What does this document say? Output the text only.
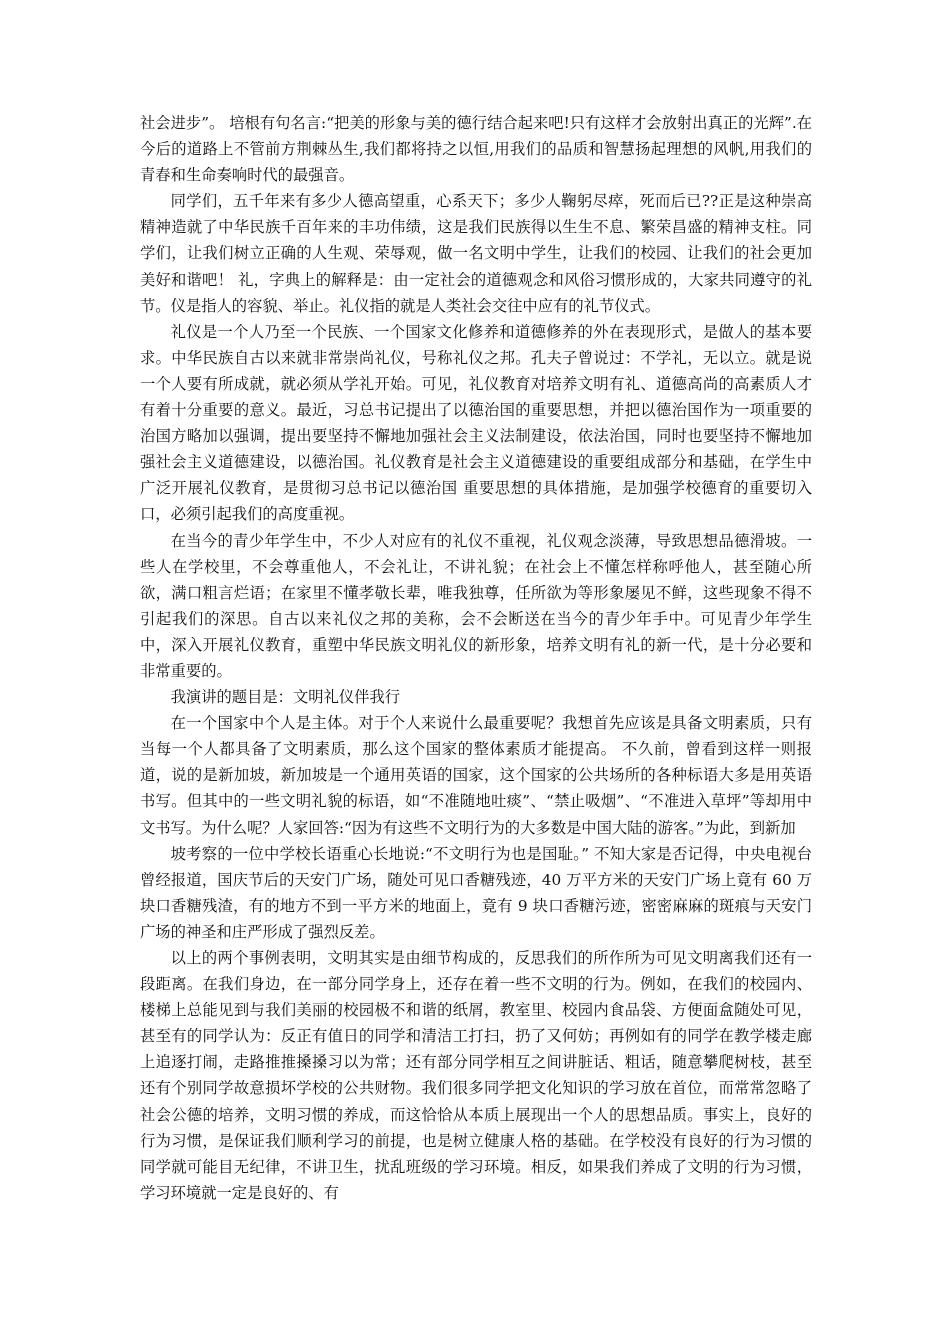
社会进步”。 培根有句名言:“把美的形象与美的德行结合起来吧!只有这样才会放射出真正的光辉”.在今后的道路上不管前方荆棘丛生,我们都将持之以恒,用我们的品质和智慧扬起理想的风帆,用我们的青春和生命奏响时代的最强音。

同学们，五千年来有多少人德高望重，心系天下；多少人鞠躬尽瘁，死而后已??正是这种崇高精神造就了中华民族千百年来的丰功伟绩，这是我们民族得以生生不息、繁荣昌盛的精神支柱。同学们，让我们树立正确的人生观、荣辱观，做一名文明中学生，让我们的校园、让我们的社会更加美好和谐吧！ 礼，字典上的解释是：由一定社会的道德观念和风俗习惯形成的，大家共同遵守的礼节。仪是指人的容貌、举止。礼仪指的就是人类社会交往中应有的礼节仪式。

礼仪是一个人乃至一个民族、一个国家文化修养和道德修养的外在表现形式，是做人的基本要求。中华民族自古以来就非常崇尚礼仪，号称礼仪之邦。孔夫子曾说过：不学礼，无以立。就是说一个人要有所成就，就必须从学礼开始。可见，礼仪教育对培养文明有礼、道德高尚的高素质人才有着十分重要的意义。最近，习总书记提出了以德治国的重要思想，并把以德治国作为一项重要的治国方略加以强调，提出要坚持不懈地加强社会主义法制建设，依法治国，同时也要坚持不懈地加强社会主义道德建设，以德治国。礼仪教育是社会主义道德建设的重要组成部分和基础，在学生中广泛开展礼仪教育，是贯彻习总书记以德治国 重要思想的具体措施，是加强学校德育的重要切入口，必须引起我们的高度重视。

在当今的青少年学生中，不少人对应有的礼仪不重视，礼仪观念淡薄，导致思想品德滑坡。一些人在学校里，不会尊重他人，不会礼让，不讲礼貌；在社会上不懂怎样称呼他人，甚至随心所欲，满口粗言烂语；在家里不懂孝敬长辈，唯我独尊，任所欲为等形象屡见不鲜，这些现象不得不引起我们的深思。自古以来礼仪之邦的美称，会不会断送在当今的青少年手中。可见青少年学生中，深入开展礼仪教育，重塑中华民族文明礼仪的新形象，培养文明有礼的新一代，是十分必要和非常重要的。

我演讲的题目是：文明礼仪伴我行

在一个国家中个人是主体。对于个人来说什么最重要呢？我想首先应该是具备文明素质，只有当每一个人都具备了文明素质，那么这个国家的整体素质才能提高。 不久前，曾看到这样一则报道，说的是新加坡，新加坡是一个通用英语的国家，这个国家的公共场所的各种标语大多是用英语书写。但其中的一些文明礼貌的标语，如“不准随地吐痰”、“禁止吸烟”、“不准进入草坪”等却用中文书写。为什么呢？人家回答:“因为有这些不文明行为的大多数是中国大陆的游客。”为此，到新加

坡考察的一位中学校长语重心长地说:“不文明行为也是国耻。” 不知大家是否记得，中央电视台曾经报道，国庆节后的天安门广场，随处可见口香糖残迹，40 万平方米的天安门广场上竟有 60 万块口香糖残渣，有的地方不到一平方米的地面上，竟有 9 块口香糖污迹，密密麻麻的斑痕与天安门广场的神圣和庄严形成了强烈反差。

以上的两个事例表明，文明其实是由细节构成的，反思我们的所作所为可见文明离我们还有一段距离。在我们身边，在一部分同学身上，还存在着一些不文明的行为。例如，在我们的校园内、楼梯上总能见到与我们美丽的校园极不和谐的纸屑，教室里、校园内食品袋、方便面盒随处可见，甚至有的同学认为：反正有值日的同学和清洁工打扫，扔了又何妨；再例如有的同学在教学楼走廊上追逐打闹，走路推推搡搡习以为常；还有部分同学相互之间讲脏话、粗话，随意攀爬树枝，甚至还有个别同学故意损坏学校的公共财物。我们很多同学把文化知识的学习放在首位，而常常忽略了社会公德的培养，文明习惯的养成，而这恰恰从本质上展现出一个人的思想品质。事实上，良好的行为习惯，是保证我们顺利学习的前提，也是树立健康人格的基础。在学校没有良好的行为习惯的同学就可能目无纪律，不讲卫生，扰乱班级的学习环境。相反，如果我们养成了文明的行为习惯，学习环境就一定是良好的、有
